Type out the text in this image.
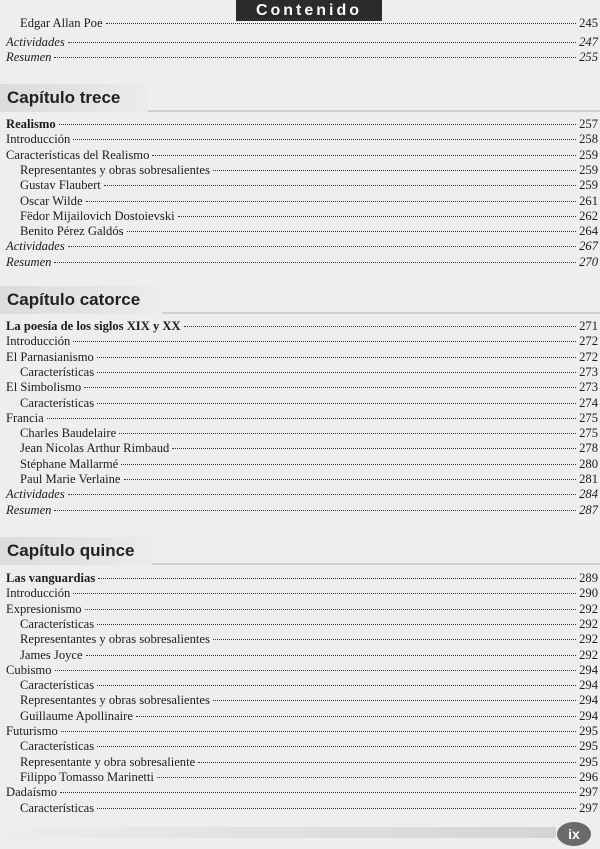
Contenido
Edgar Allan Poe	245
Actividades	247
Resumen	255
Capítulo trece
Realismo	257
Introducción	258
Características del Realismo	259
Representantes y obras sobresalientes	259
Gustav Flaubert	259
Oscar Wilde	261
Fëdor Mijailovich Dostoievski	262
Benito Pérez Galdós	264
Actividades	267
Resumen	270
Capítulo catorce
La poesía de los siglos XIX y XX	271
Introducción	272
El Parnasianismo	272
Características	273
El Simbolismo	273
Características	274
Francia	275
Charles Baudelaire	275
Jean Nicolas Arthur Rimbaud	278
Stéphane Mallarmé	280
Paul Marie Verlaine	281
Actividades	284
Resumen	287
Capítulo quince
Las vanguardias	289
Introducción	290
Expresionismo	292
Características	292
Representantes y obras sobresalientes	292
James Joyce	292
Cubismo	294
Características	294
Representantes y obras sobresalientes	294
Guillaume Apollinaire	294
Futurismo	295
Características	295
Representante y obra sobresaliente	295
Filippo Tomasso Marinetti	296
Dadaísmo	297
Características	297
ix
